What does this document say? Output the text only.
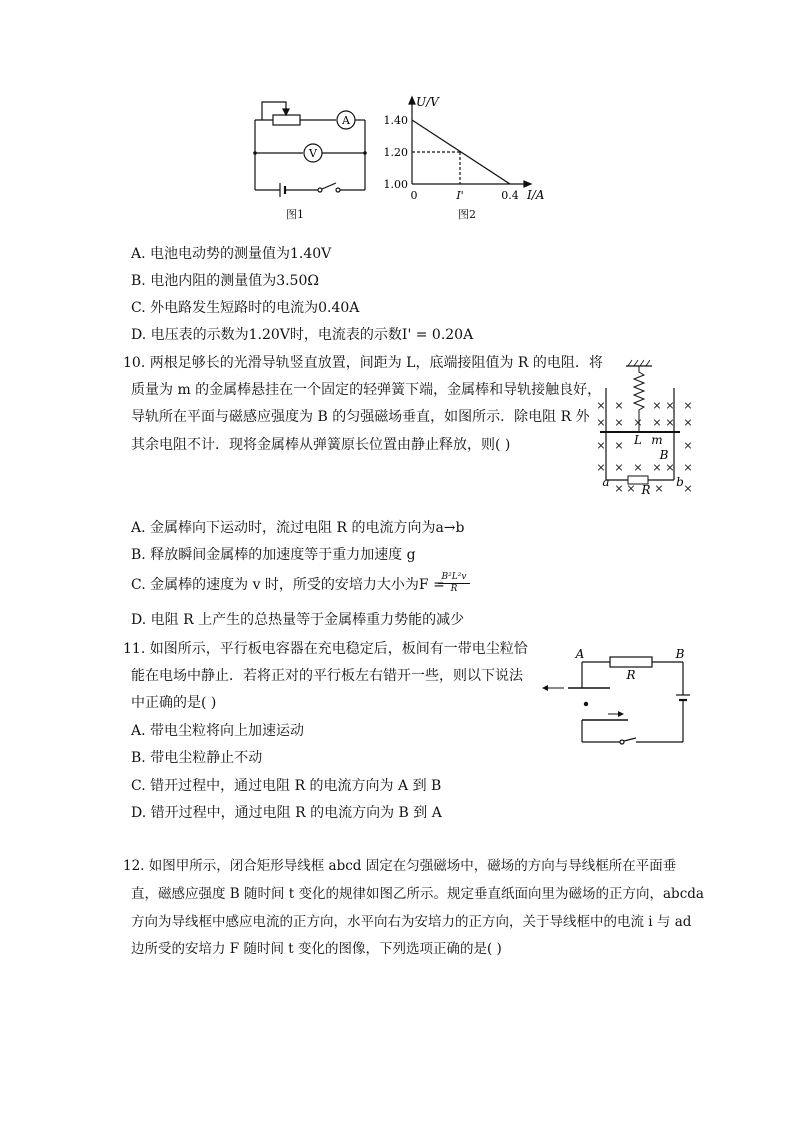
A
V
图1
U/V
I/A
1.40
1.20
1.00
0	I'	0.4
图2
A. 电池电动势的测量值为1.40V
B. 电池内阻的测量值为3.50Ω
C. 外电路发生短路时的电流为0.40A
D. 电压表的示数为1.20V时，电流表的示数I' = 0.20A
10. 两根足够长的光滑导轨竖直放置，间距为 L，底端接阻值为 R 的电阻．将
质量为 m 的金属棒悬挂在一个固定的轻弹簧下端，金属棒和导轨接触良好，
导轨所在平面与磁感应强度为 B 的匀强磁场垂直，如图所示．除电阻 R 外
其余电阻不计．现将金属棒从弹簧原长位置由静止释放，则( )
× ×	× × ×
× × × × × ×
× ×	×
× × × × × ×
× × × ×
L m
B
a
R
b
A. 金属棒向下运动时，流过电阻 R 的电流方向为a→b
B. 释放瞬间金属棒的加速度等于重力加速度 g
C. 金属棒的速度为 v 时，所受的安培力大小为F =
$\frac{\text{B²L²v}}{R}$
D. 电阻 R 上产生的总热量等于金属棒重力势能的减少
11. 如图所示，平行板电容器在充电稳定后，板间有一带电尘粒恰
能在电场中静止．若将正对的平行板左右错开一些，则以下说法
中正确的是( )
A	B
R
A. 带电尘粒将向上加速运动
B. 带电尘粒静止不动
C. 错开过程中，通过电阻 R 的电流方向为 A 到 B
D. 错开过程中，通过电阻 R 的电流方向为 B 到 A
12. 如图甲所示，闭合矩形导线框 abcd 固定在匀强磁场中，磁场的方向与导线框所在平面垂
直，磁感应强度 B 随时间 t 变化的规律如图乙所示。规定垂直纸面向里为磁场的正方向，abcda
方向为导线框中感应电流的正方向，水平向右为安培力的正方向，关于导线框中的电流 i 与 ad
边所受的安培力 F 随时间 t 变化的图像，下列选项正确的是( )
